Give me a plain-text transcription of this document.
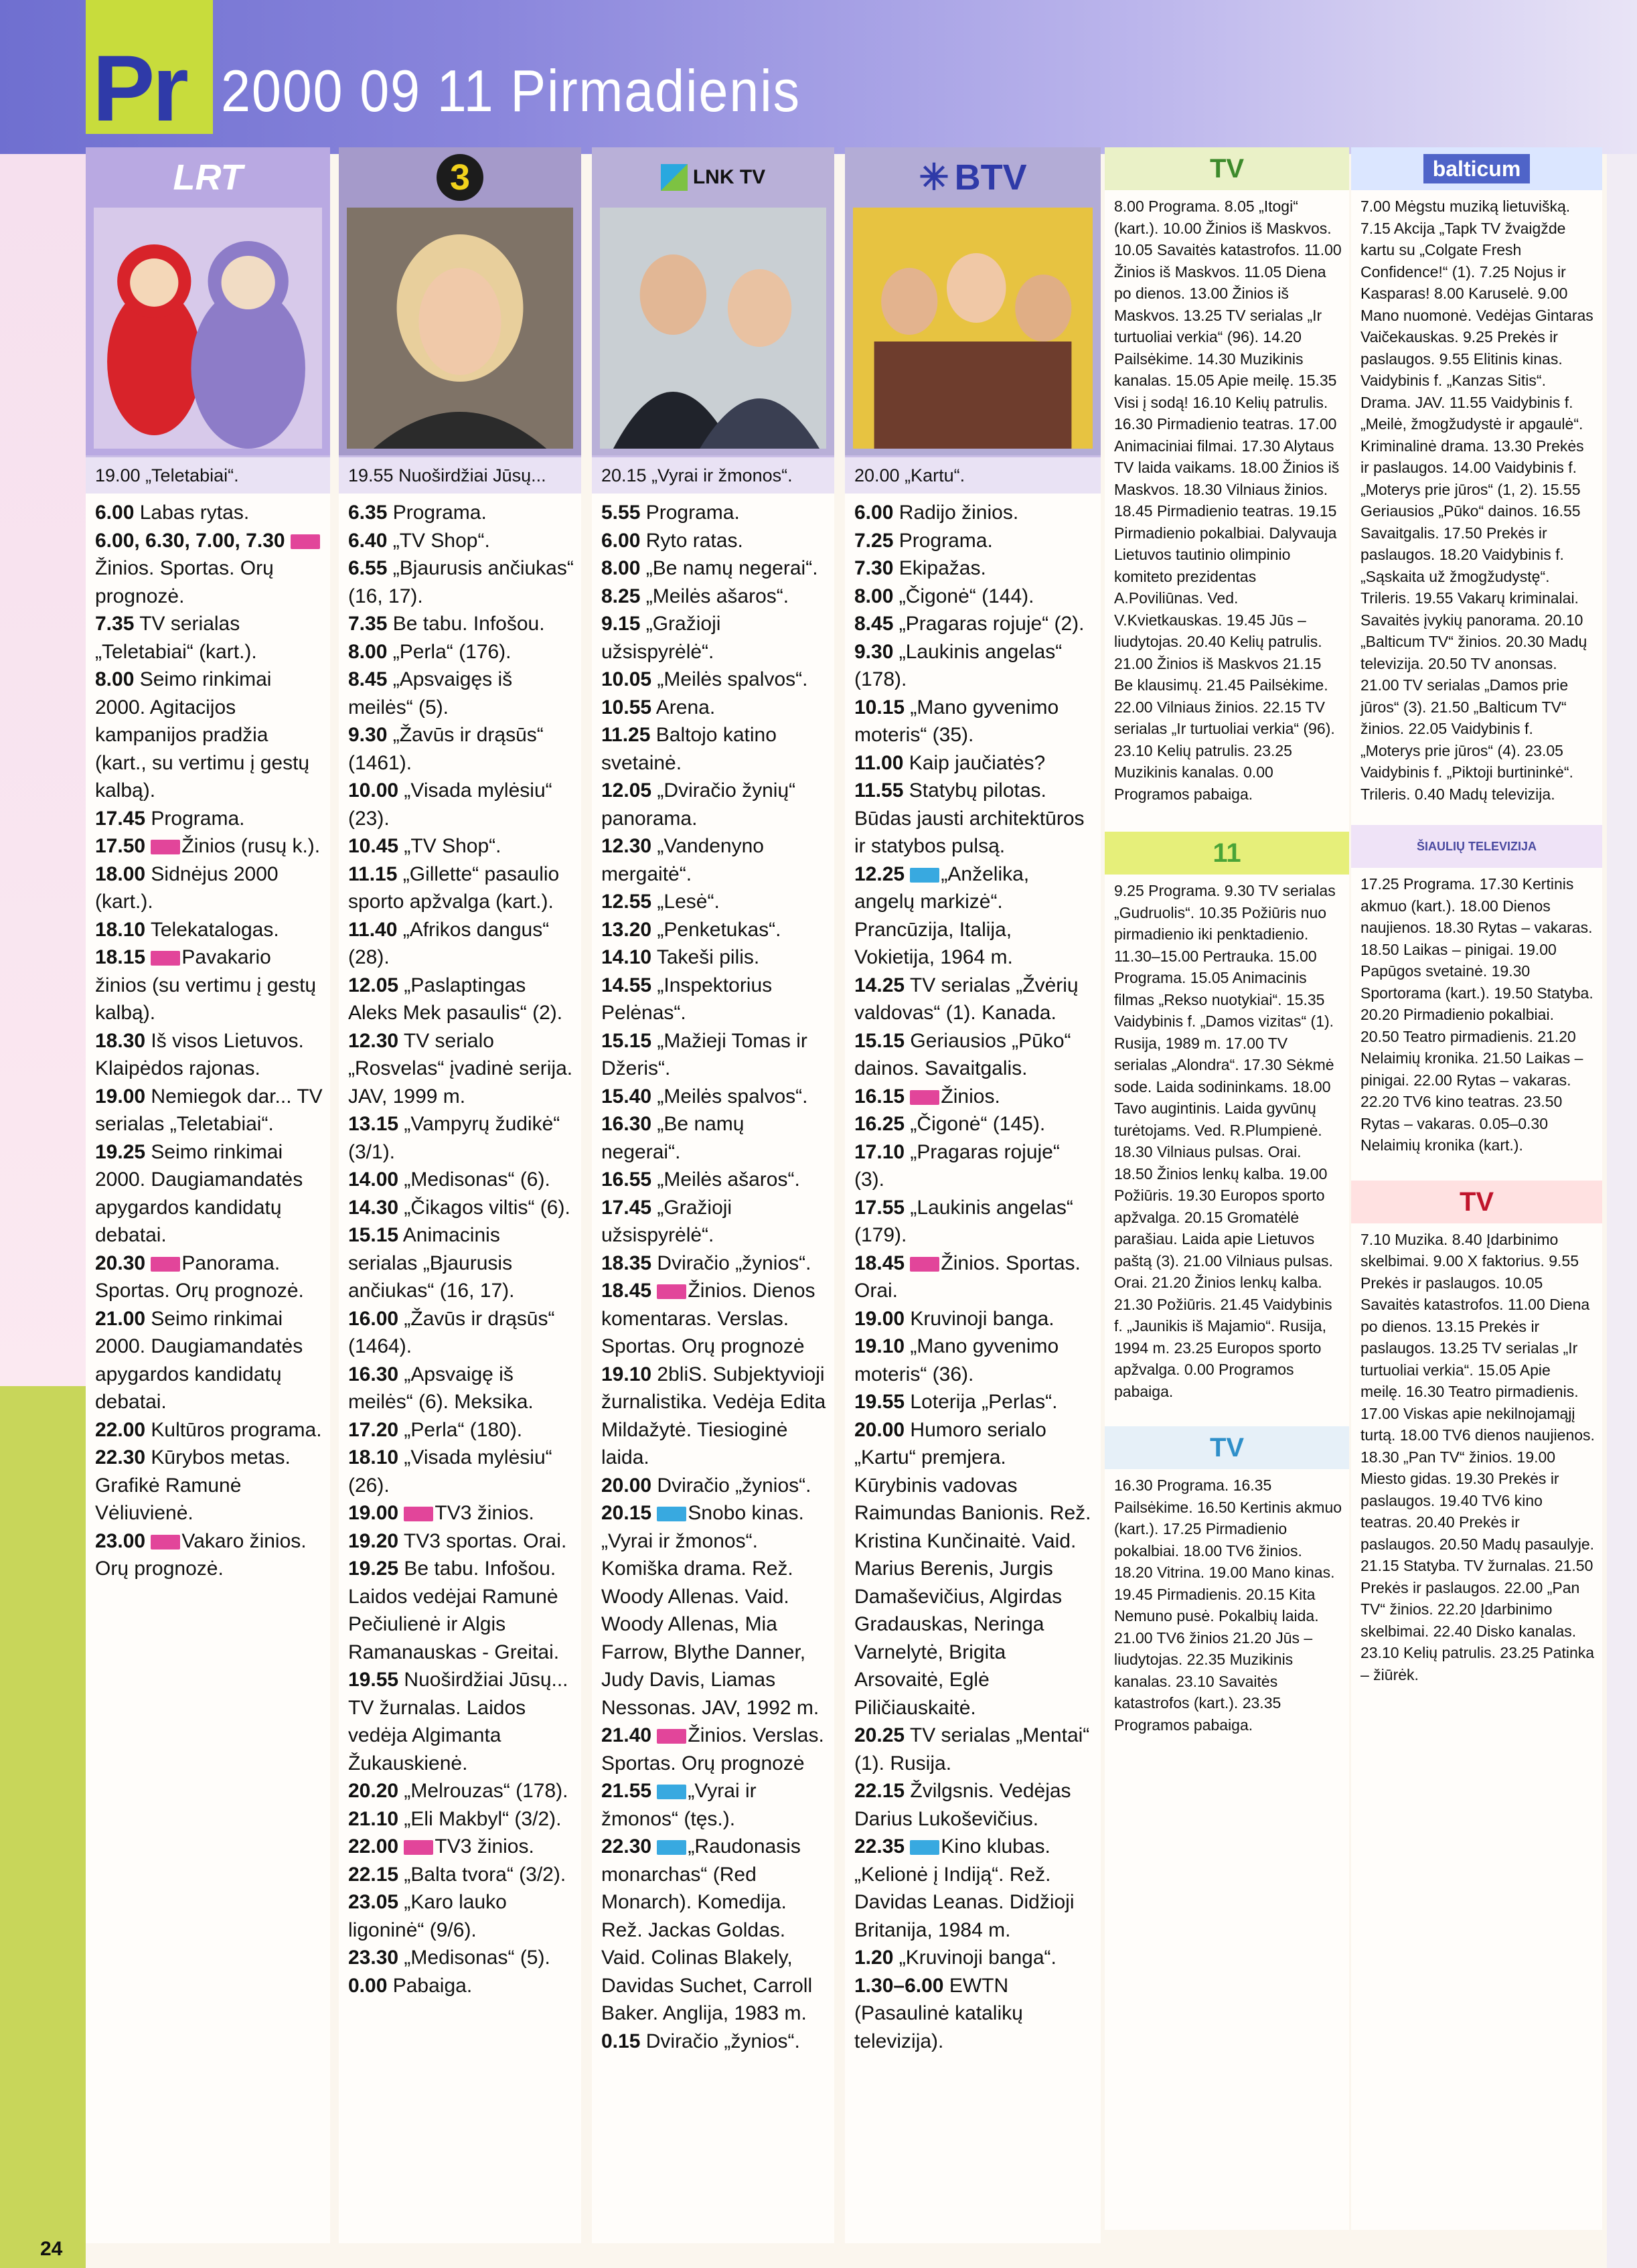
Pr 2000 09 11 Pirmadienis
LRT
19.00 „Teletabiai“.

6.00 Labas rytas.

6.00, 6.30, 7.00, 7.30 Žinios. Sportas. Orų prognozė.

7.35 TV serialas „Teletabiai“ (kart.).

8.00 Seimo rinkimai 2000. Agitacijos kampanijos pradžia (kart., su vertimu į gestų kalbą).

17.45 Programa.

17.50 Žinios (rusų k.).

18.00 Sidnėjus 2000 (kart.).

18.10 Telekatalogas.

18.15 Pavakario žinios (su vertimu į gestų kalbą).

18.30 Iš visos Lietuvos. Klaipėdos rajonas.

19.00 Nemiegok dar... TV serialas „Teletabiai“.

19.25 Seimo rinkimai 2000. Daugiamandatės apygardos kandidatų debatai.

20.30 Panorama. Sportas. Orų prognozė.

21.00 Seimo rinkimai 2000. Daugiamandatės apygardos kandidatų debatai.

22.00 Kultūros programa.

22.30 Kūrybos metas. Grafikė Ramunė Vėliuvienė.

23.00 Vakaro žinios. Orų prognozė.

3
19.55 Nuoširdžiai Jūsų...

6.35 Programa.

6.40 „TV Shop“.

6.55 „Bjaurusis ančiukas“ (16, 17).

7.35 Be tabu. Infošou.

8.00 „Perla“ (176).

8.45 „Apsvaigęs iš meilės“ (5).

9.30 „Žavūs ir drąsūs“ (1461).

10.00 „Visada mylėsiu“ (23).

10.45 „TV Shop“.

11.15 „Gillette“ pasaulio sporto apžvalga (kart.).

11.40 „Afrikos dangus“ (28).

12.05 „Paslaptingas Aleks Mek pasaulis“ (2).

12.30 TV serialo „Rosvelas“ įvadinė serija. JAV, 1999 m.

13.15 „Vampyrų žudikė“ (3/1).

14.00 „Medisonas“ (6).

14.30 „Čikagos viltis“ (6).

15.15 Animacinis serialas „Bjaurusis ančiukas“ (16, 17).

16.00 „Žavūs ir drąsūs“ (1464).

16.30 „Apsvaigę iš meilės“ (6). Meksika.

17.20 „Perla“ (180).

18.10 „Visada mylėsiu“ (26).

19.00 TV3 žinios.

19.20 TV3 sportas. Orai.

19.25 Be tabu. Infošou. Laidos vedėjai Ramunė Pečiulienė ir Algis Ramanauskas - Greitai.

19.55 Nuoširdžiai Jūsų... TV žurnalas. Laidos vedėja Algimanta Žukauskienė.

20.20 „Melrouzas“ (178).

21.10 „Eli Makbyl“ (3/2).

22.00 TV3 žinios.

22.15 „Balta tvora“ (3/2).

23.05 „Karo lauko ligoninė“ (9/6).

23.30 „Medisonas“ (5).

0.00 Pabaiga.

LNK TV
20.15 „Vyrai ir žmonos“.

5.55 Programa.

6.00 Ryto ratas.

8.00 „Be namų negerai“.

8.25 „Meilės ašaros“.

9.15 „Gražioji užsispyrėlė“.

10.05 „Meilės spalvos“.

10.55 Arena.

11.25 Baltojo katino svetainė.

12.05 „Dviračio žynių“ panorama.

12.30 „Vandenyno mergaitė“.

12.55 „Lesė“.

13.20 „Penketukas“.

14.10 Takeši pilis.

14.55 „Inspektorius Pelėnas“.

15.15 „Mažieji Tomas ir Džeris“.

15.40 „Meilės spalvos“.

16.30 „Be namų negerai“.

16.55 „Meilės ašaros“.

17.45 „Gražioji užsispyrėlė“.

18.35 Dviračio „žynios“.

18.45 Žinios. Dienos komentaras. Verslas. Sportas. Orų prognozė

19.10 2bliS. Subjektyvioji žurnalistika. Vedėja Edita Mildažytė. Tiesioginė laida.

20.00 Dviračio „žynios“.

20.15 Snobo kinas. „Vyrai ir žmonos“. Komiška drama. Rež. Woody Allenas. Vaid. Woody Allenas, Mia Farrow, Blythe Danner, Judy Davis, Liamas Nessonas. JAV, 1992 m.

21.40 Žinios. Verslas. Sportas. Orų prognozė

21.55 „Vyrai ir žmonos“ (tęs.).

22.30 „Raudonasis monarchas“ (Red Monarch). Komedija. Rež. Jackas Goldas. Vaid. Colinas Blakely, Davidas Suchet, Carroll Baker. Anglija, 1983 m.

0.15 Dviračio „žynios“.

✳ BTV
20.00 „Kartu“.

6.00 Radijo žinios.

7.25 Programa.

7.30 Ekipažas.

8.00 „Čigonė“ (144).

8.45 „Pragaras rojuje“ (2).

9.30 „Laukinis angelas“ (178).

10.15 „Mano gyvenimo moteris“ (35).

11.00 Kaip jaučiatės?

11.55 Statybų pilotas. Būdas jausti architektūros ir statybos pulsą.

12.25 „Anželika, angelų markizė“. Prancūzija, Italija, Vokietija, 1964 m.

14.25 TV serialas „Žvėrių valdovas“ (1). Kanada.

15.15 Geriausios „Pūko“ dainos. Savaitgalis.

16.15 Žinios.

16.25 „Čigonė“ (145).

17.10 „Pragaras rojuje“ (3).

17.55 „Laukinis angelas“ (179).

18.45 Žinios. Sportas. Orai.

19.00 Kruvinoji banga.

19.10 „Mano gyvenimo moteris“ (36).

19.55 Loterija „Perlas“.

20.00 Humoro serialo „Kartu“ premjera. Kūrybinis vadovas Raimundas Banionis. Rež. Kristina Kunčinaitė. Vaid. Marius Berenis, Jurgis Damaševičius, Algirdas Gradauskas, Neringa Varnelytė, Brigita Arsovaitė, Eglė Piličiauskaitė.

20.25 TV serialas „Mentai“ (1). Rusija.

22.15 Žvilgsnis. Vedėjas Darius Lukoševičius.

22.35 Kino klubas. „Kelionė į Indiją“. Rež. Davidas Leanas. Didžioji Britanija, 1984 m.

1.20 „Kruvinoji banga“.

1.30–6.00 EWTN (Pasaulinė katalikų televizija).

TV

8.00 Programa. 8.05 „Itogi“ (kart.). 10.00 Žinios iš Maskvos. 10.05 Savaitės katastrofos. 11.00 Žinios iš Maskvos. 11.05 Diena po dienos. 13.00 Žinios iš Maskvos. 13.25 TV serialas „Ir turtuoliai verkia“ (96). 14.20 Pailsėkime. 14.30 Muzikinis kanalas. 15.05 Apie meilę. 15.35 Visi į sodą! 16.10 Kelių patrulis. 16.30 Pirmadienio teatras. 17.00 Animaciniai filmai. 17.30 Alytaus TV laida vaikams. 18.00 Žinios iš Maskvos. 18.30 Vilniaus žinios. 18.45 Pirmadienio teatras. 19.15 Pirmadienio pokalbiai. Dalyvauja Lietuvos tautinio olimpinio komiteto prezidentas A.Poviliūnas. Ved. V.Kvietkauskas. 19.45 Jūs – liudytojas. 20.40 Kelių patrulis. 21.00 Žinios iš Maskvos 21.15 Be klausimų. 21.45 Pailsėkime. 22.00 Vilniaus žinios. 22.15 TV serialas „Ir turtuoliai verkia“ (96). 23.10 Kelių patrulis. 23.25 Muzikinis kanalas. 0.00 Programos pabaiga.

11

9.25 Programa. 9.30 TV serialas „Gudruolis“. 10.35 Požiūris nuo pirmadienio iki penktadienio. 11.30–15.00 Pertrauka. 15.00 Programa. 15.05 Animacinis filmas „Rekso nuotykiai“. 15.35 Vaidybinis f. „Damos vizitas“ (1). Rusija, 1989 m. 17.00 TV serialas „Alondra“. 17.30 Sėkmė sode. Laida sodininkams. 18.00 Tavo augintinis. Laida gyvūnų turėtojams. Ved. R.Plumpienė. 18.30 Vilniaus pulsas. Orai. 18.50 Žinios lenkų kalba. 19.00 Požiūris. 19.30 Europos sporto apžvalga. 20.15 Gromatėlė parašiau. Laida apie Lietuvos paštą (3). 21.00 Vilniaus pulsas. Orai. 21.20 Žinios lenkų kalba. 21.30 Požiūris. 21.45 Vaidybinis f. „Jaunikis iš Majamio“. Rusija, 1994 m. 23.25 Europos sporto apžvalga. 0.00 Programos pabaiga.

TV

16.30 Programa. 16.35 Pailsėkime. 16.50 Kertinis akmuo (kart.). 17.25 Pirmadienio pokalbiai. 18.00 TV6 žinios. 18.20 Vitrina. 19.00 Mano kinas. 19.45 Pirmadienis. 20.15 Kita Nemuno pusė. Pokalbių laida. 21.00 TV6 žinios 21.20 Jūs – liudytojas. 22.35 Muzikinis kanalas. 23.10 Savaitės katastrofos (kart.). 23.35 Programos pabaiga.

balticum

7.00 Mėgstu muziką lietuvišką. 7.15 Akcija „Tapk TV žvaigžde kartu su „Colgate Fresh Confidence!“ (1). 7.25 Nojus ir Kasparas! 8.00 Karuselė. 9.00 Mano nuomonė. Vedėjas Gintaras Vaičekauskas. 9.25 Prekės ir paslaugos. 9.55 Elitinis kinas. Vaidybinis f. „Kanzas Sitis“. Drama. JAV. 11.55 Vaidybinis f. „Meilė, žmogžudystė ir apgaulė“. Kriminalinė drama. 13.30 Prekės ir paslaugos. 14.00 Vaidybinis f. „Moterys prie jūros“ (1, 2). 15.55 Geriausios „Pūko“ dainos. 16.55 Savaitgalis. 17.50 Prekės ir paslaugos. 18.20 Vaidybinis f. „Sąskaita už žmogžudystę“. Trileris. 19.55 Vakarų kriminalai. Savaitės įvykių panorama. 20.10 „Balticum TV“ žinios. 20.30 Madų televizija. 20.50 TV anonsas. 21.00 TV serialas „Damos prie jūros“ (3). 21.50 „Balticum TV“ žinios. 22.05 Vaidybinis f. „Moterys prie jūros“ (4). 23.05 Vaidybinis f. „Piktoji burtininkė“. Trileris. 0.40 Madų televizija.

ŠIAULIŲ TELEVIZIJA

17.25 Programa. 17.30 Kertinis akmuo (kart.). 18.00 Dienos naujienos. 18.30 Rytas – vakaras. 18.50 Laikas – pinigai. 19.00 Papūgos svetainė. 19.30 Sportorama (kart.). 19.50 Statyba. 20.20 Pirmadienio pokalbiai. 20.50 Teatro pirmadienis. 21.20 Nelaimių kronika. 21.50 Laikas – pinigai. 22.00 Rytas – vakaras. 22.20 TV6 kino teatras. 23.50 Rytas – vakaras. 0.05–0.30 Nelaimių kronika (kart.).

TV

7.10 Muzika. 8.40 Įdarbinimo skelbimai. 9.00 X faktorius. 9.55 Prekės ir paslaugos. 10.05 Savaitės katastrofos. 11.00 Diena po dienos. 13.15 Prekės ir paslaugos. 13.25 TV serialas „Ir turtuoliai verkia“. 15.05 Apie meilę. 16.30 Teatro pirmadienis. 17.00 Viskas apie nekilnojamąjį turtą. 18.00 TV6 dienos naujienos. 18.30 „Pan TV“ žinios. 19.00 Miesto gidas. 19.30 Prekės ir paslaugos. 19.40 TV6 kino teatras. 20.40 Prekės ir paslaugos. 20.50 Madų pasaulyje. 21.15 Statyba. TV žurnalas. 21.50 Prekės ir paslaugos. 22.00 „Pan TV“ žinios. 22.20 Įdarbinimo skelbimai. 22.40 Disko kanalas. 23.10 Kelių patrulis. 23.25 Patinka – žiūrėk.

24
